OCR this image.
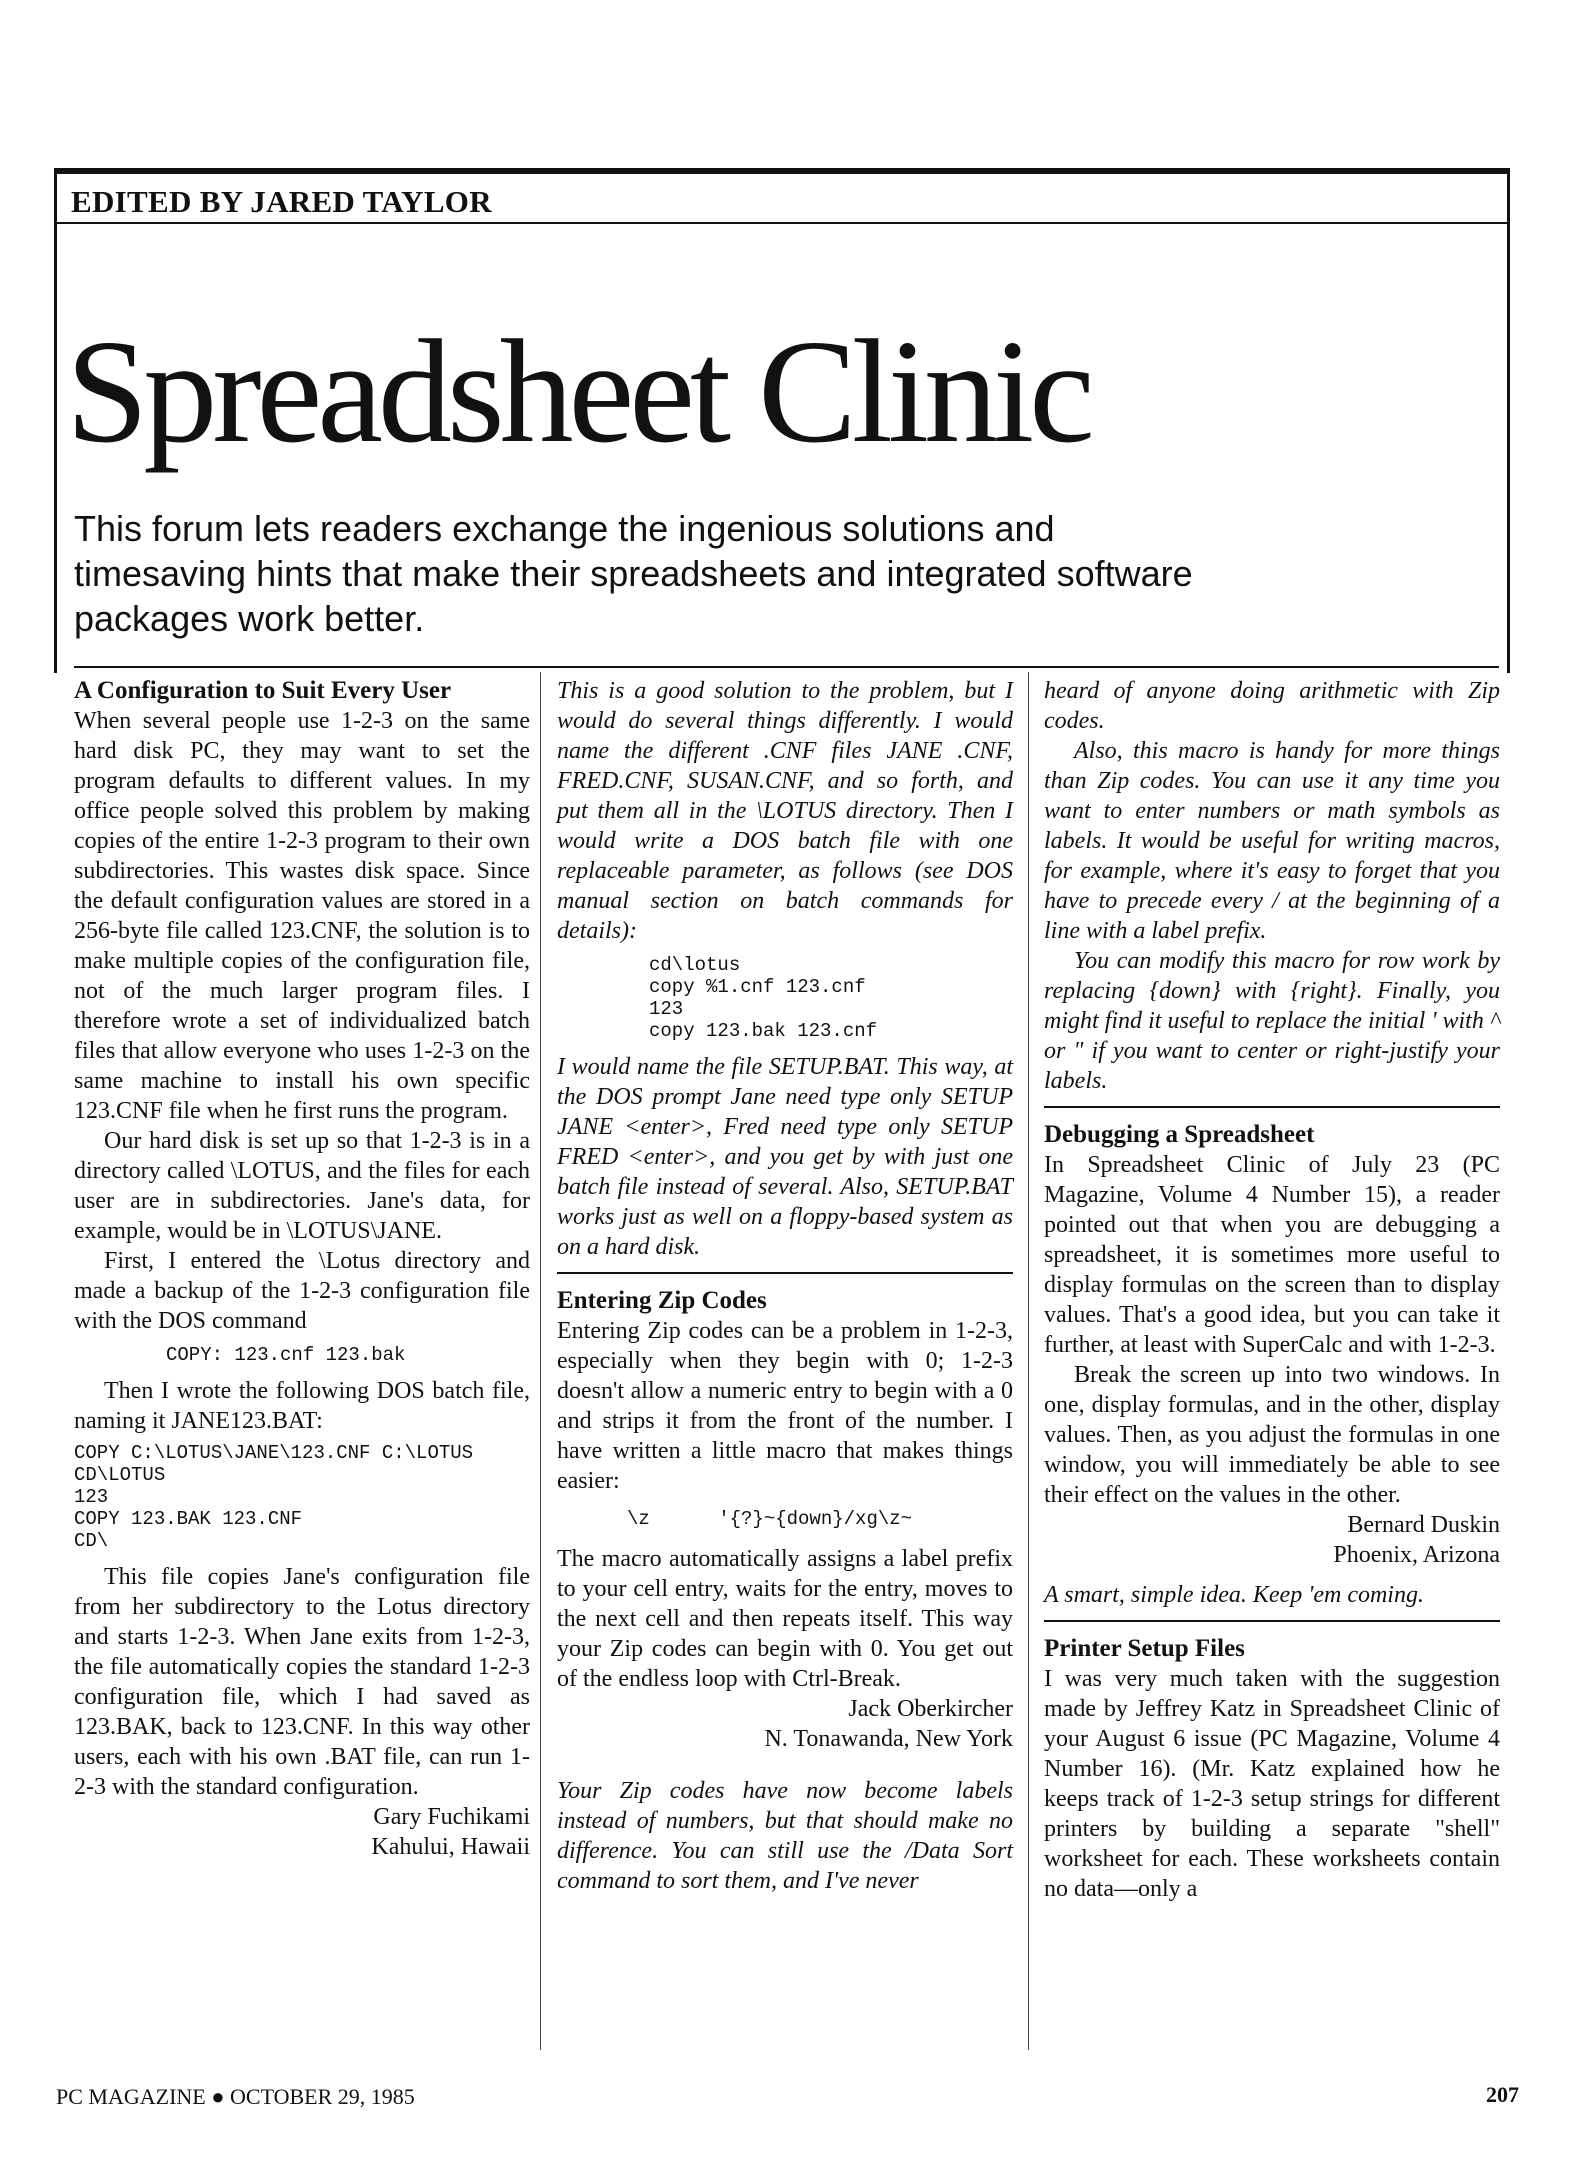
EDITED BY JARED TAYLOR
Spreadsheet Clinic
This forum lets readers exchange the ingenious solutions and timesaving hints that make their spreadsheets and integrated software packages work better.
A Configuration to Suit Every User

When several people use 1-2-3 on the same hard disk PC, they may want to set the program defaults to different values. In my office people solved this problem by making copies of the entire 1-2-3 program to their own subdirectories. This wastes disk space. Since the default configuration values are stored in a 256-byte file called 123.CNF, the solution is to make multiple copies of the configuration file, not of the much larger program files. I therefore wrote a set of individualized batch files that allow everyone who uses 1-2-3 on the same machine to install his own specific 123.CNF file when he first runs the program.

Our hard disk is set up so that 1-2-3 is in a directory called \LOTUS, and the files for each user are in subdirectories. Jane's data, for example, would be in \LOTUS\JANE.

First, I entered the \Lotus directory and made a backup of the 1-2-3 configuration file with the DOS command

COPY: 123.cnf 123.bak

Then I wrote the following DOS batch file, naming it JANE123.BAT:

COPY C:\LOTUS\JANE\123.CNF C:\LOTUS
CD\LOTUS
123
COPY 123.BAK 123.CNF
CD\

This file copies Jane's configuration file from her subdirectory to the Lotus directory and starts 1-2-3. When Jane exits from 1-2-3, the file automatically copies the standard 1-2-3 configuration file, which I had saved as 123.BAK, back to 123.CNF. In this way other users, each with his own .BAT file, can run 1-2-3 with the standard configuration.

Gary Fuchikami

Kahului, Hawaii

This is a good solution to the problem, but I would do several things differently. I would name the different .CNF files JANE .CNF, FRED.CNF, SUSAN.CNF, and so forth, and put them all in the \LOTUS directory. Then I would write a DOS batch file with one replaceable parameter, as follows (see DOS manual section on batch commands for details):

cd\lotus
copy %1.cnf 123.cnf
123
copy 123.bak 123.cnf

I would name the file SETUP.BAT. This way, at the DOS prompt Jane need type only SETUP JANE <enter>, Fred need type only SETUP FRED <enter>, and you get by with just one batch file instead of several. Also, SETUP.BAT works just as well on a floppy-based system as on a hard disk.

Entering Zip Codes

Entering Zip codes can be a problem in 1-2-3, especially when they begin with 0; 1-2-3 doesn't allow a numeric entry to begin with a 0 and strips it from the front of the number. I have written a little macro that makes things easier:

\z      '{?}~{down}/xg\z~

The macro automatically assigns a label prefix to your cell entry, waits for the entry, moves to the next cell and then repeats itself. This way your Zip codes can begin with 0. You get out of the endless loop with Ctrl-Break.

Jack Oberkircher

N. Tonawanda, New York

Your Zip codes have now become labels instead of numbers, but that should make no difference. You can still use the /Data Sort command to sort them, and I've never

heard of anyone doing arithmetic with Zip codes.

Also, this macro is handy for more things than Zip codes. You can use it any time you want to enter numbers or math symbols as labels. It would be useful for writing macros, for example, where it's easy to forget that you have to precede every / at the beginning of a line with a label prefix.

You can modify this macro for row work by replacing {down} with {right}. Finally, you might find it useful to replace the initial ' with ^ or " if you want to center or right-justify your labels.

Debugging a Spreadsheet

In Spreadsheet Clinic of July 23 (PC Magazine, Volume 4 Number 15), a reader pointed out that when you are debugging a spreadsheet, it is sometimes more useful to display formulas on the screen than to display values. That's a good idea, but you can take it further, at least with SuperCalc and with 1-2-3.

Break the screen up into two windows. In one, display formulas, and in the other, display values. Then, as you adjust the formulas in one window, you will immediately be able to see their effect on the values in the other.

Bernard Duskin

Phoenix, Arizona

A smart, simple idea. Keep 'em coming.

Printer Setup Files

I was very much taken with the suggestion made by Jeffrey Katz in Spreadsheet Clinic of your August 6 issue (PC Magazine, Volume 4 Number 16). (Mr. Katz explained how he keeps track of 1-2-3 setup strings for different printers by building a separate "shell" worksheet for each. These worksheets contain no data—only a

PC MAGAZINE ● OCTOBER 29, 1985	207
